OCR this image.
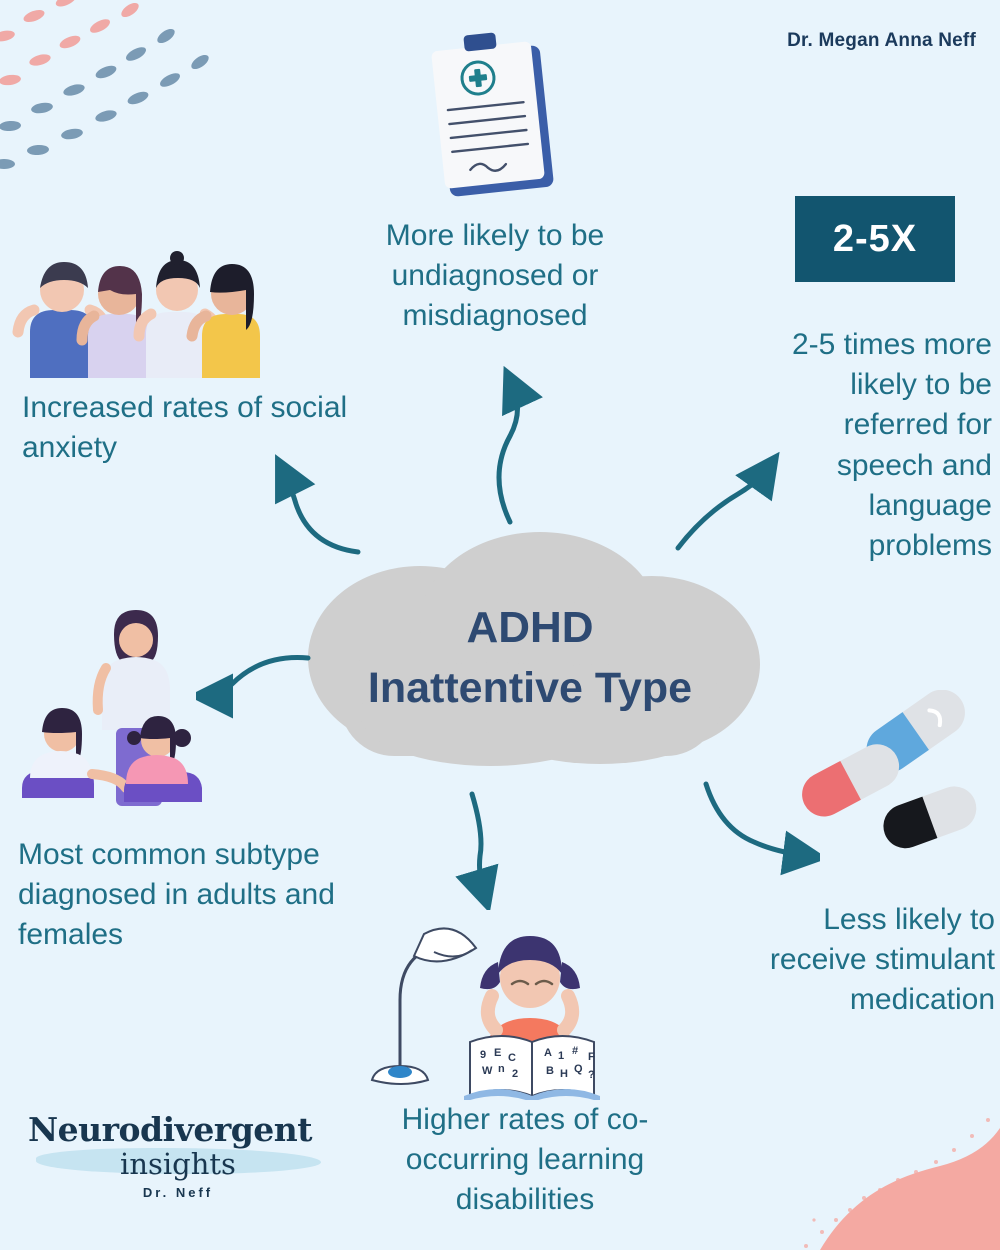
Dr. Megan Anna Neff
9 E C
W n 2
A 1 #
B H Q
F
?
ADHD
Inattentive Type
2-5X
More likely to be undiagnosed or misdiagnosed
Increased rates of social anxiety
2-5 times more likely to be referred for speech and language problems
Most common subtype diagnosed in adults and females
Higher rates of co-occurring learning disabilities
Less likely to receive stimulant medication
Neurodivergent
insights
Dr. Neff
